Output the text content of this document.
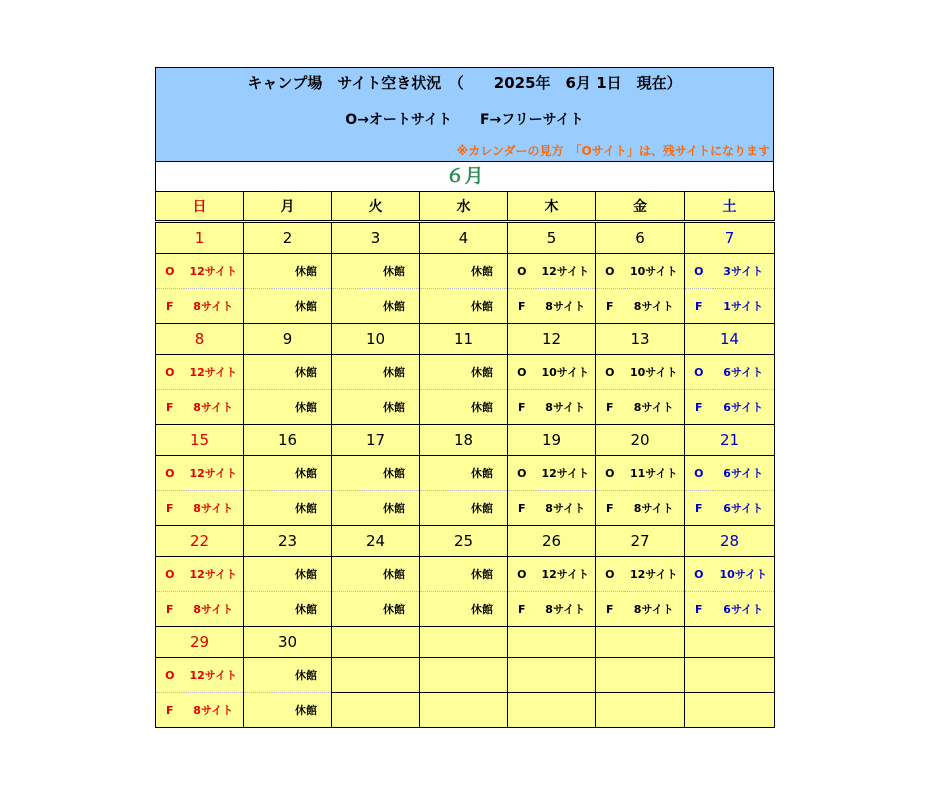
キャンプ場　サイト空き状況　（　　2025年　6月 1日　現在）
O→オートサイト　　F→フリーサイト
※カレンダーの見方　「Oサイト」は、残サイトになります
６月
日		月		火		水		木		金		土	
1		2		3		4		5		6		7	
O	12サイト		休館		休館		休館	O	12サイト	O	10サイト	O	3サイト
F	8サイト		休館		休館		休館	F	8サイト	F	8サイト	F	1サイト
8		9		10		11		12		13		14	
O	12サイト		休館		休館		休館	O	10サイト	O	10サイト	O	6サイト
F	8サイト		休館		休館		休館	F	8サイト	F	8サイト	F	6サイト
15		16		17		18		19		20		21	
O	12サイト		休館		休館		休館	O	12サイト	O	11サイト	O	6サイト
F	8サイト		休館		休館		休館	F	8サイト	F	8サイト	F	6サイト
22		23		24		25		26		27		28	
O	12サイト		休館		休館		休館	O	12サイト	O	12サイト	O	10サイト
F	8サイト		休館		休館		休館	F	8サイト	F	8サイト	F	6サイト
29		30											
O	12サイト		休館										
F	8サイト		休館										
